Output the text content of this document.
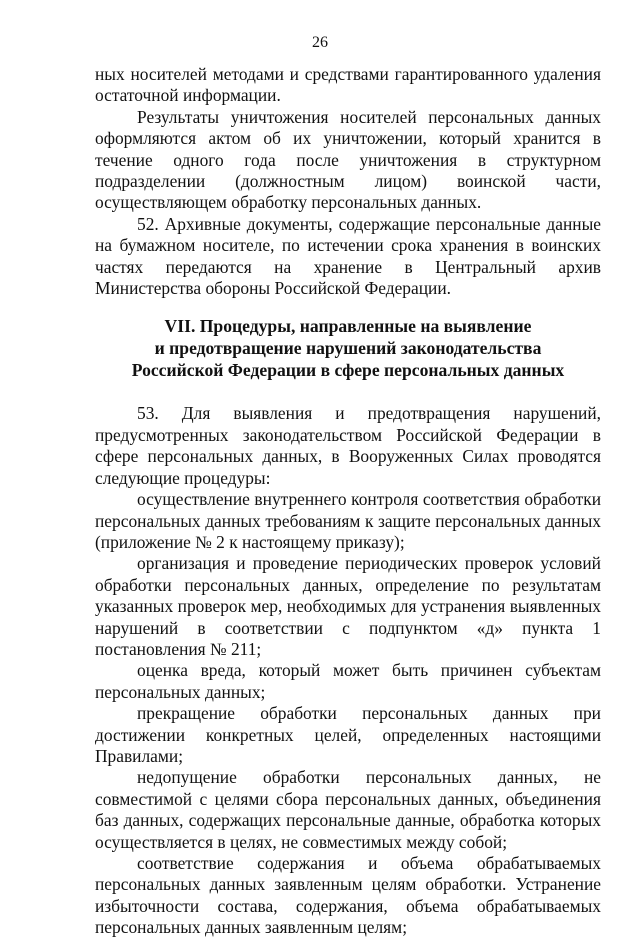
26

ных носителей методами и средствами гарантированного удаления остаточной информации.

Результаты уничтожения носителей персональных данных оформляются актом об их уничтожении, который хранится в течение одного года после уничтожения в структурном подразделении (должностным лицом) воинской части, осуществляющем обработку персональных данных.

52. Архивные документы, содержащие персональные данные на бумажном носителе, по истечении срока хранения в воинских частях передаются на хранение в Центральный архив Министерства обороны Российской Федерации.

VII. Процедуры, направленные на выявление
и предотвращение нарушений законодательства
Российской Федерации в сфере персональных данных

53. Для выявления и предотвращения нарушений, предусмотренных законодательством Российской Федерации в сфере персональных данных, в Вооруженных Силах проводятся следующие процедуры:

осуществление внутреннего контроля соответствия обработки персональных данных требованиям к защите персональных данных (приложение № 2 к настоящему приказу);

организация и проведение периодических проверок условий обработки персональных данных, определение по результатам указанных проверок мер, необходимых для устранения выявленных нарушений в соответствии с подпунктом «д» пункта 1 постановления № 211;

оценка вреда, который может быть причинен субъектам персональных данных;

прекращение обработки персональных данных при достижении конкретных целей, определенных настоящими Правилами;

недопущение обработки персональных данных, не совместимой с целями сбора персональных данных, объединения баз данных, содержащих персональные данные, обработка которых осуществляется в целях, не совместимых между собой;

соответствие содержания и объема обрабатываемых персональных данных заявленным целям обработки. Устранение избыточности состава, содержания, объема обрабатываемых персональных данных заявленным целям;
